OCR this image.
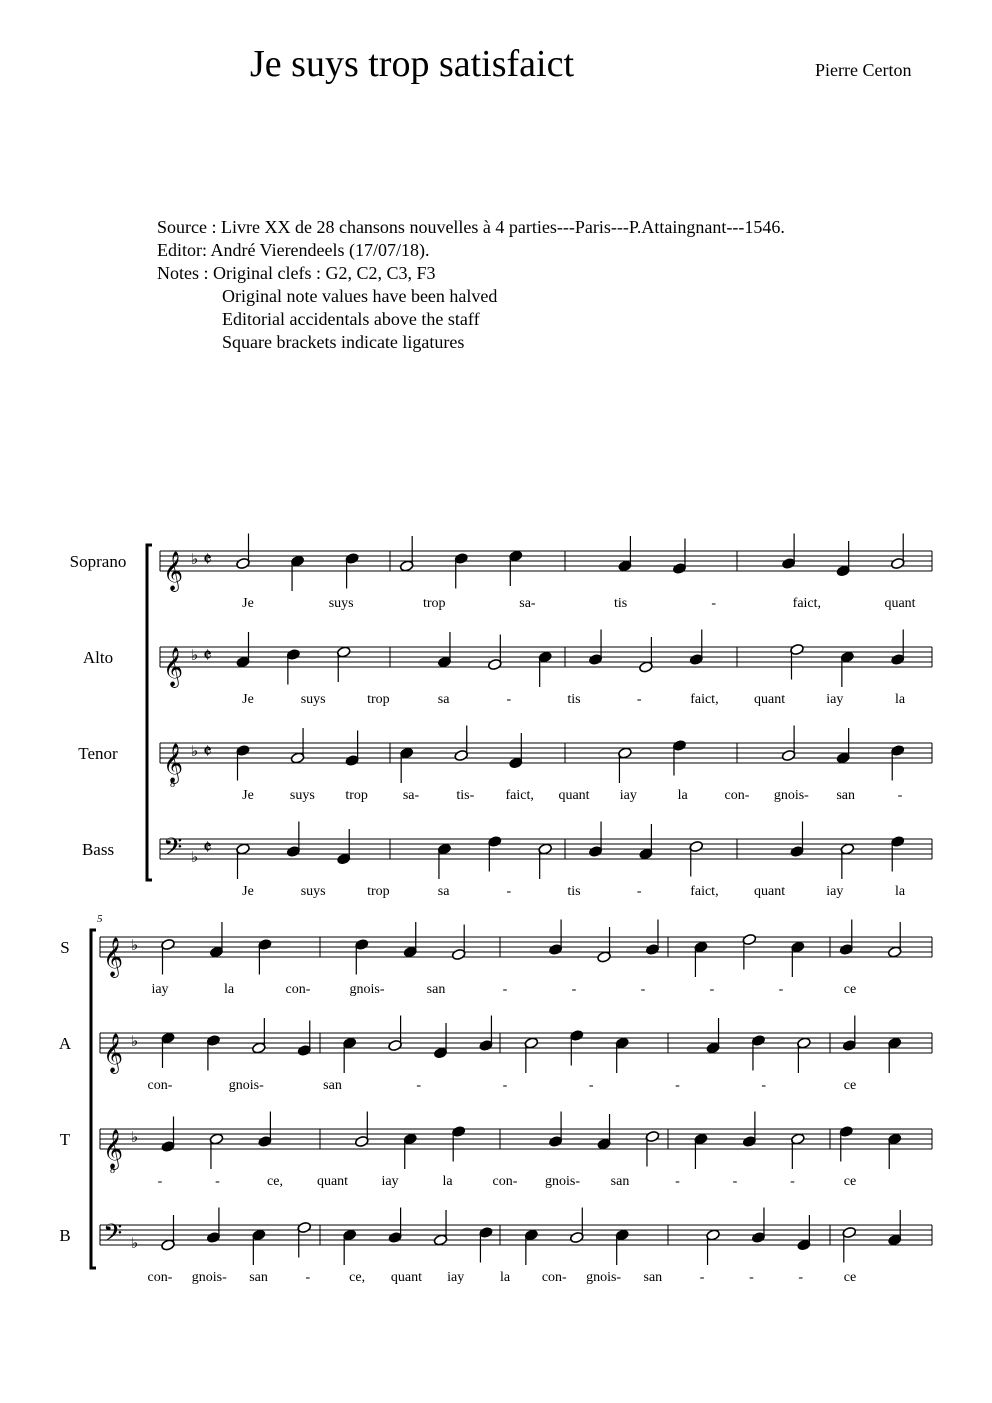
Je suys trop satisfaict	Pierre Certon
Source : Livre XX de 28 chansons nouvelles à 4 parties---Paris---P.Attaingnant---1546.
Editor: André Vierendeels (17/07/18).
Notes : Original clefs : G2, C2, C3, F3
Original note values have been halved
Editorial accidentals above the staff
Square brackets indicate ligatures
Soprano 𝄞 ♭ 𝄵
Je	suys	trop	sa-	tis	-	faict,	quant
Alto 𝄞 ♭ 𝄵
Je	suys	trop	sa	-	tis	-	faict,	quant	iay	la
Tenor 𝄞
8
♭ 𝄵
Je	suys trop sa-	tis- faict, quant iay	la	con- gnois- san	-
Bass 𝄢 ♭ 𝄵
Je	suys	trop	sa	-	tis	-	faict,	quant	iay	la
5
S 𝄞 ♭
iay	la	con-	gnois-	san	-	-	-	-	-	ce
A 𝄞 ♭
con-	gnois-	san	-	-	-	-	-	ce
T 𝄞
8
♭
-	-	ce, quant iay	la	con- gnois- san	-	-	-	ce
B 𝄢 ♭
con- gnois- san	-	ce, quant iay	la con- gnois- san	-	-	-	ce
